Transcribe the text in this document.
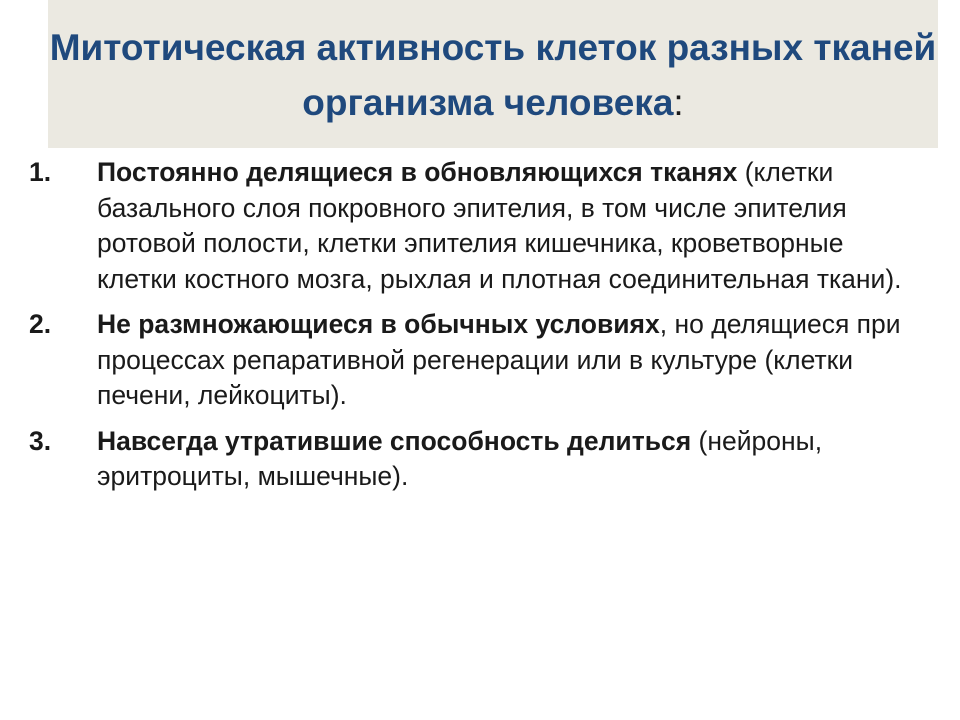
Митотическая активность клеток разных тканей организма человека:
1. Постоянно делящиеся в обновляющихся тканях (клетки базального слоя покровного эпителия, в том числе эпителия ротовой полости, клетки эпителия кишечника, кроветворные клетки костного мозга, рыхлая и плотная соединительная ткани).
2. Не размножающиеся в обычных условиях, но делящиеся при процессах репаративной регенерации или в культуре (клетки печени, лейкоциты).
3. Навсегда утратившие способность делиться (нейроны, эритроциты, мышечные).
